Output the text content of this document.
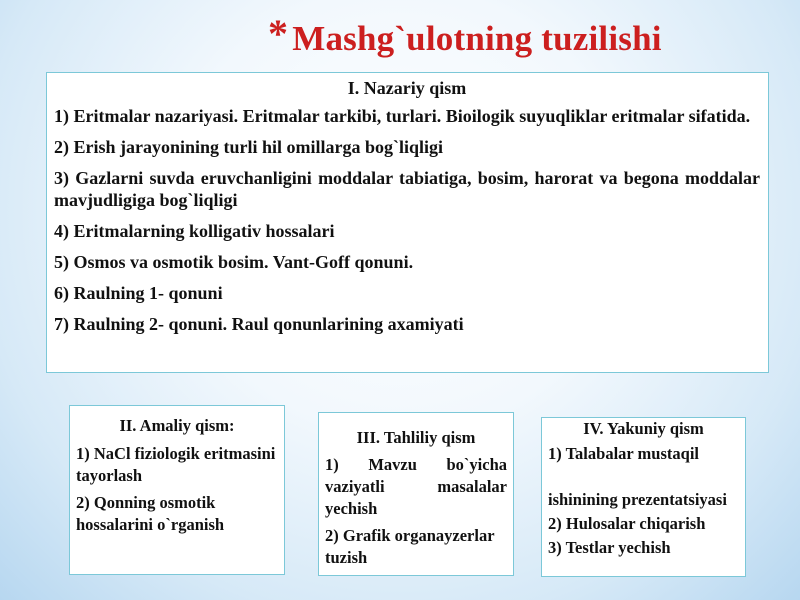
* Mashg`ulotning tuzilishi
I. Nazariy qism
1) Eritmalar nazariyasi. Eritmalar tarkibi, turlari. Bioilogik suyuqliklar eritmalar sifatida.
2) Erish jarayonining turli hil omillarga bog`liqligi
3) Gazlarni suvda eruvchanligini moddalar tabiatiga, bosim, harorat va begona moddalar mavjudligiga bog`liqligi
4) Eritmalarning kolligativ hossalari
5) Osmos va osmotik bosim. Vant-Goff qonuni.
6) Raulning 1- qonuni
7) Raulning 2- qonuni. Raul qonunlarining axamiyati
II. Amaliy qism:
1) NaCl fiziologik eritmasini tayorlash
2) Qonning osmotik hossalarini o`rganish
III. Tahliliy qism
1) Mavzu bo`yicha
vaziyatli masalalar
yechish
2) Grafik organayzerlar tuzish
IV. Yakuniy qism
1) Talabalar mustaqil
ishinining prezentatsiyasi
2) Hulosalar chiqarish
3) Testlar yechish
